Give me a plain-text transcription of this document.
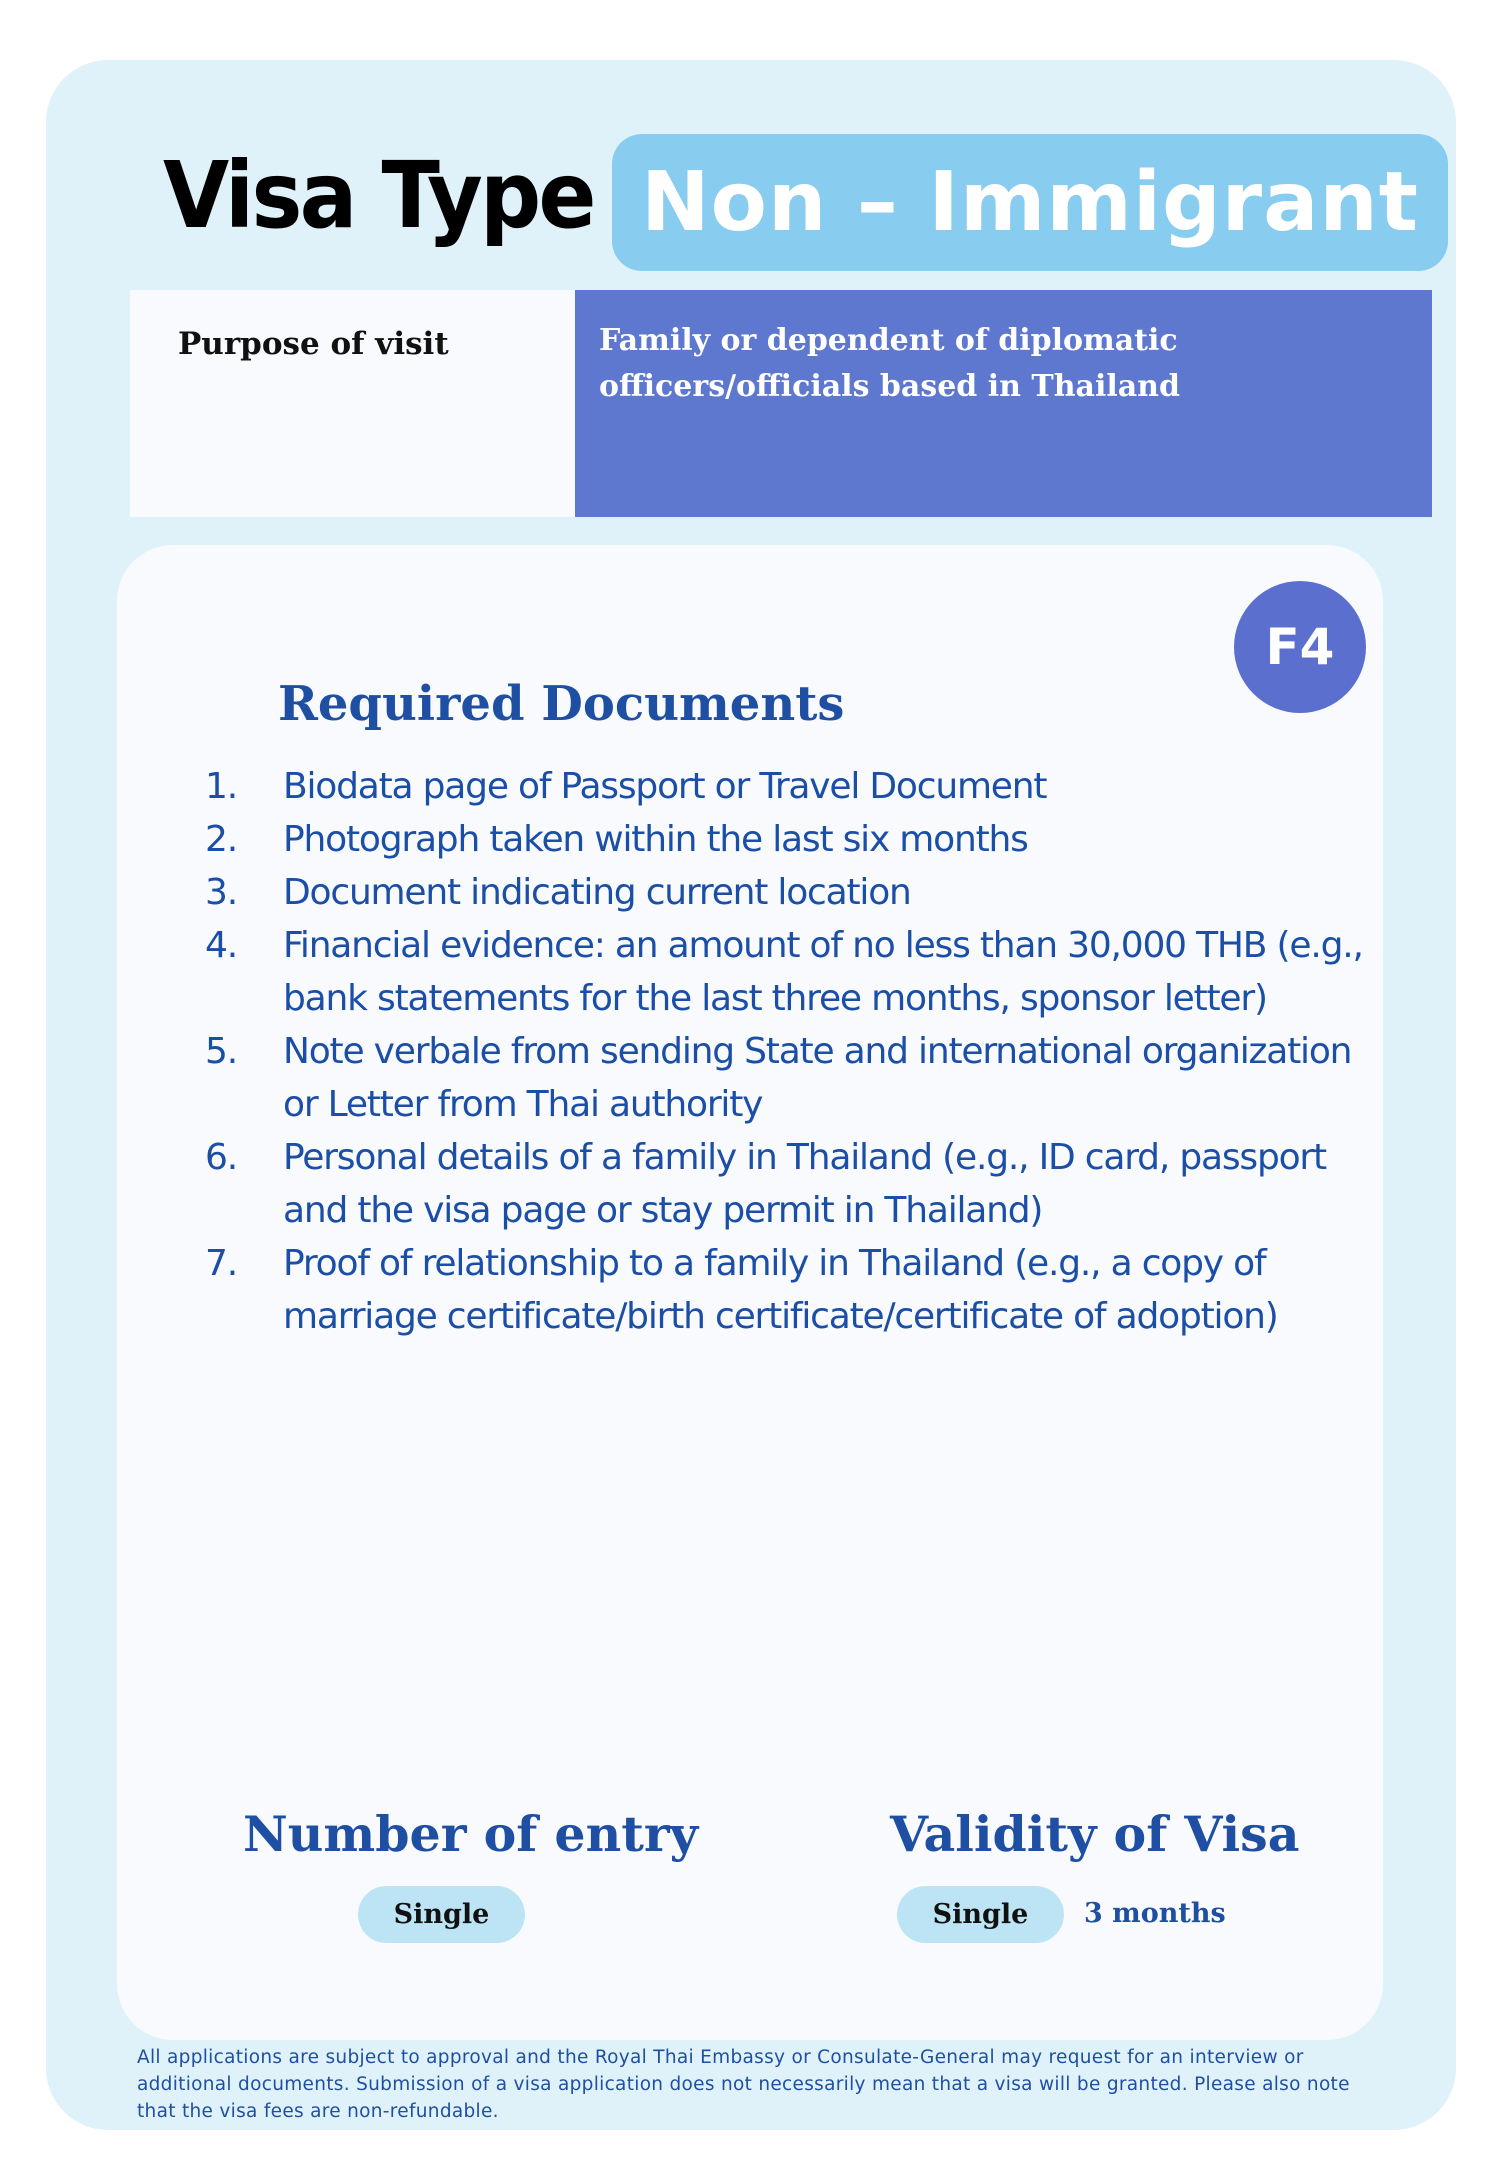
Visa Type Non – Immigrant
Purpose of visit	Family or dependent of diplomatic officers/officials based in Thailand
F4
Required Documents
1.	Biodata page of Passport or Travel Document
2.	Photograph taken within the last six months
3.	Document indicating current location
4.	Financial evidence: an amount of no less than 30,000 THB (e.g., bank statements for the last three months, sponsor letter)
5.	Note verbale from sending State and international organization or Letter from Thai authority
6.	Personal details of a family in Thailand (e.g., ID card, passport and the visa page or stay permit in Thailand)
7.	Proof of relationship to a family in Thailand (e.g., a copy of marriage certificate/birth certificate/certificate of adoption)
Number of entry
Single
Validity of Visa
Single	3 months
All applications are subject to approval and the Royal Thai Embassy or Consulate-General may request for an interview or additional documents. Submission of a visa application does not necessarily mean that a visa will be granted. Please also note that the visa fees are non-refundable.
